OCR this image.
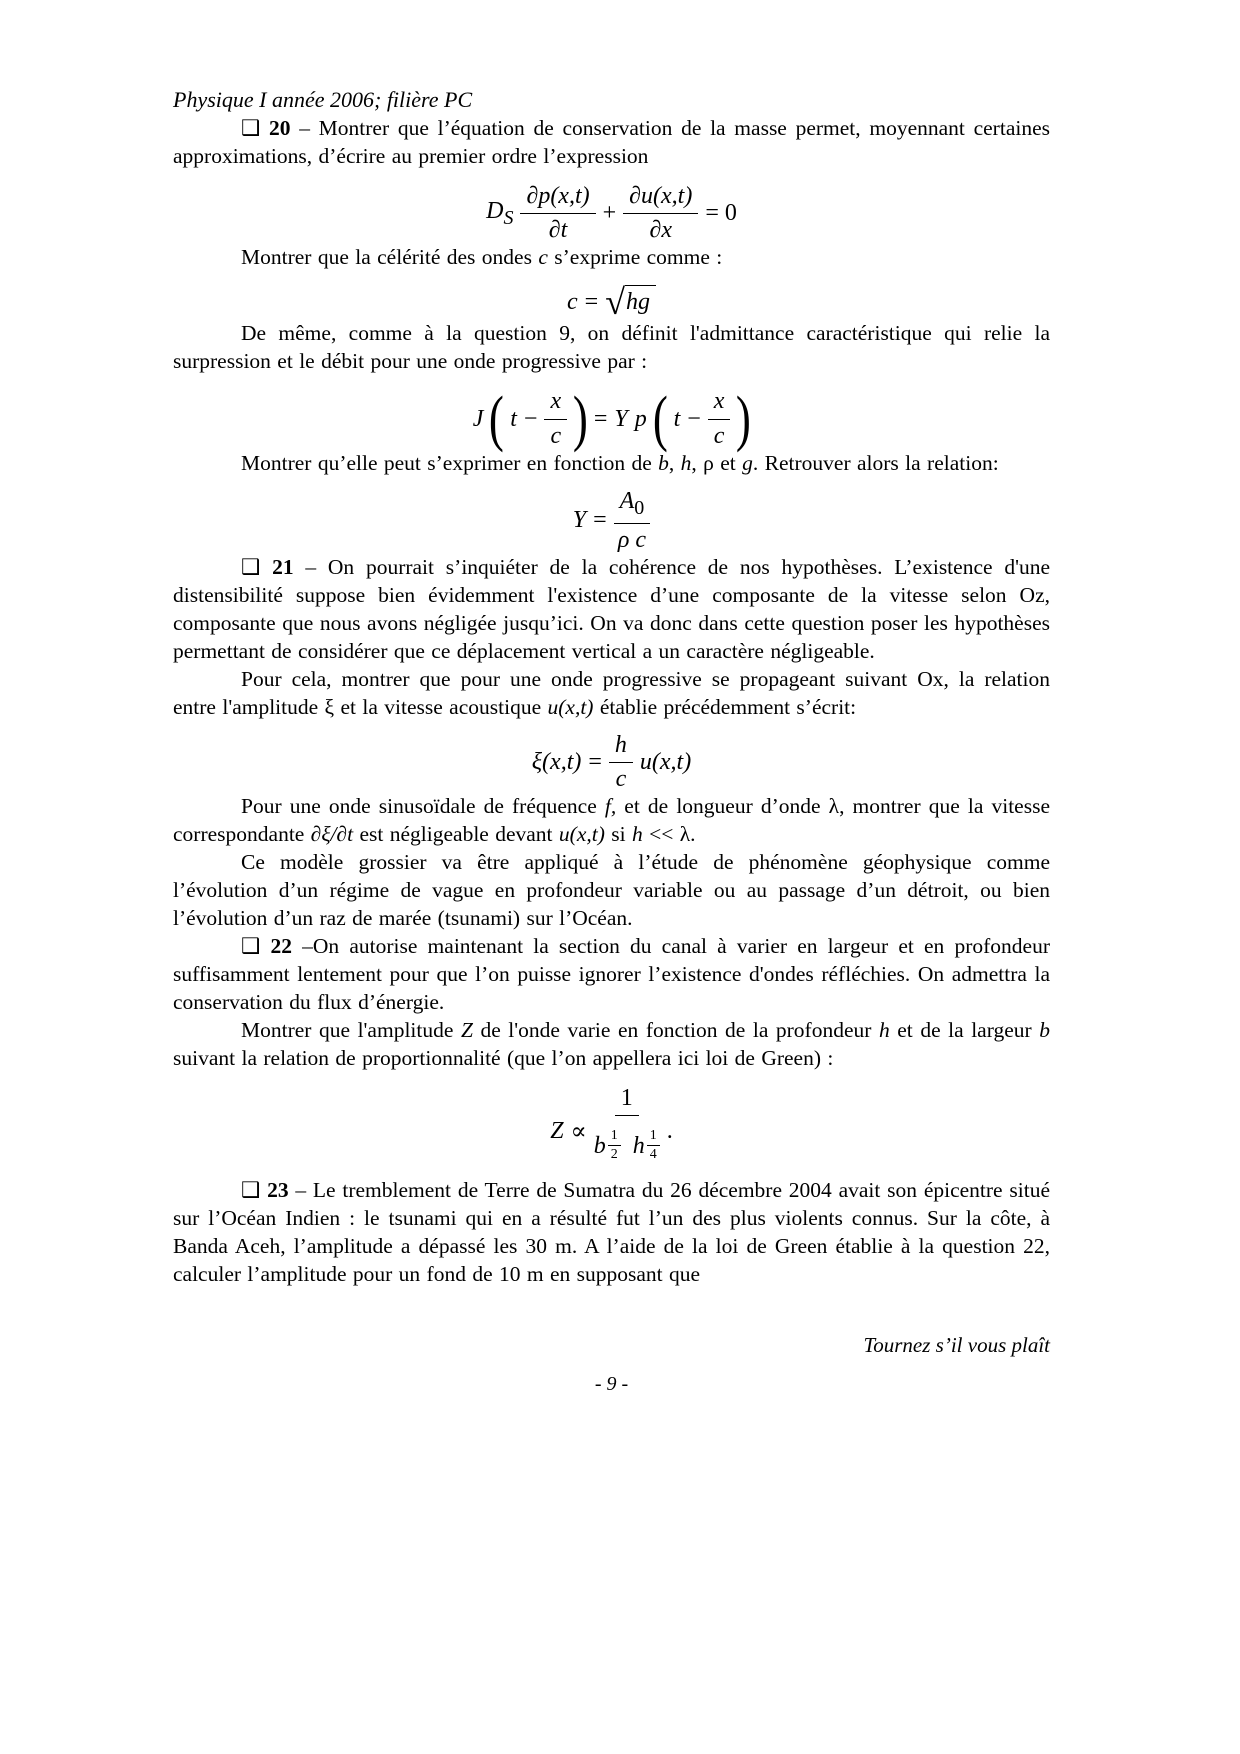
Physique I année 2006; filière PC

❑ 20 – Montrer que l’équation de conservation de la masse permet, moyennant certaines approximations, d’écrire au premier ordre l’expression

$D_S \frac{\partial p(x,t)}{\partial t} + \frac{\partial u(x,t)}{\partial x} = 0$

Montrer que la célérité des ondes c s’exprime comme :

c = √ hg

De même, comme à la question 9, on définit l'admittance caractéristique qui relie la surpression et le débit pour une onde progressive par :

J ( $t - \frac{x}{c}$ ) = Y p ( $t - \frac{x}{c}$ )

Montrer qu’elle peut s’exprimer en fonction de b, h, ρ et g. Retrouver alors la relation:

$Y = \frac{A_0}{\text{ρ c}}$

❑ 21 – On pourrait s’inquiéter de la cohérence de nos hypothèses. L’existence d'une distensibilité suppose bien évidemment l'existence d’une composante de la vitesse selon Oz, composante que nous avons négligée jusqu’ici. On va donc dans cette question poser les hypothèses permettant de considérer que ce déplacement vertical a un caractère négligeable.

Pour cela, montrer que pour une onde progressive se propageant suivant Ox, la relation entre l'amplitude ξ et la vitesse acoustique u(x,t) établie précédemment s’écrit:

$\xi(x,t) = \frac{h}{c} u(x,t)$

Pour une onde sinusoïdale de fréquence f, et de longueur d’onde λ, montrer que la vitesse correspondante ∂ξ/∂t est négligeable devant u(x,t) si h << λ.

Ce modèle grossier va être appliqué à l’étude de phénomène géophysique comme l’évolution d’un régime de vague en profondeur variable ou au passage d’un détroit, ou bien l’évolution d’un raz de marée (tsunami) sur l’Océan.

❑ 22 –On autorise maintenant la section du canal à varier en largeur et en profondeur suffisamment lentement pour que l’on puisse ignorer l’existence d'ondes réfléchies. On admettra la conservation du flux d’énergie.

Montrer que l'amplitude Z de l'onde varie en fonction de la profondeur h et de la largeur b suivant la relation de proportionnalité (que l’on appellera ici loi de Green) :

$Z \propto \frac{1}{b \frac{1}{2} h \frac{1}{4}}$ .

❑ 23 – Le tremblement de Terre de Sumatra du 26 décembre 2004 avait son épicentre situé sur l’Océan Indien : le tsunami qui en a résulté fut l’un des plus violents connus. Sur la côte, à Banda Aceh, l’amplitude a dépassé les 30 m. A l’aide de la loi de Green établie à la question 22, calculer l’amplitude pour un fond de 10 m en supposant que

Tournez s’il vous plaît
- 9 -
